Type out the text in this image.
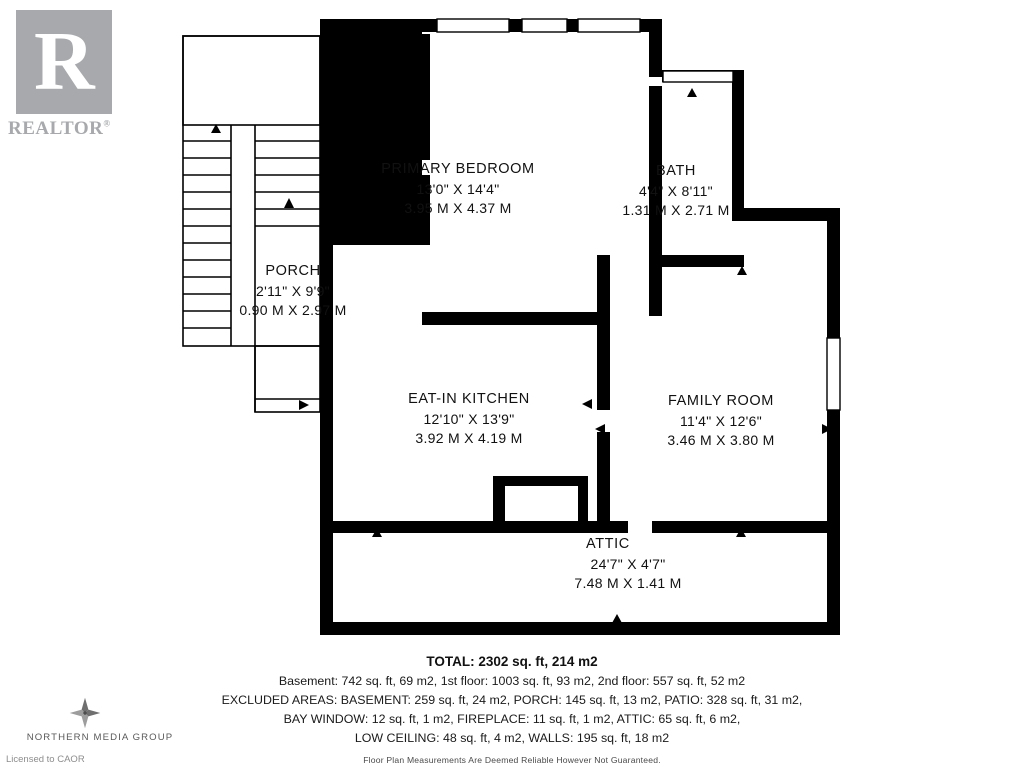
R
REALTOR®
PRIMARY BEDROOM
13'0" X 14'4"
3.95 M X 4.37 M
BATH
4'4" X 8'11"
1.31 M X 2.71 M
PORCH
2'11" X 9'9"
0.90 M X 2.97 M
EAT-IN KITCHEN
12'10" X 13'9"
3.92 M X 4.19 M
FAMILY ROOM
11'4" X 12'6"
3.46 M X 3.80 M
ATTIC
24'7" X 4'7"
7.48 M X 1.41 M
TOTAL: 2302 sq. ft, 214 m2
Basement: 742 sq. ft, 69 m2, 1st floor: 1003 sq. ft, 93 m2, 2nd floor: 557 sq. ft, 52 m2
EXCLUDED AREAS: BASEMENT: 259 sq. ft, 24 m2, PORCH: 145 sq. ft, 13 m2, PATIO: 328 sq. ft, 31 m2,
BAY WINDOW: 12 sq. ft, 1 m2, FIREPLACE: 11 sq. ft, 1 m2, ATTIC: 65 sq. ft, 6 m2,
LOW CEILING: 48 sq. ft, 4 m2, WALLS: 195 sq. ft, 18 m2
Floor Plan Measurements Are Deemed Reliable However Not Guaranteed.
NORTHERN MEDIA GROUP
Licensed to CAOR
